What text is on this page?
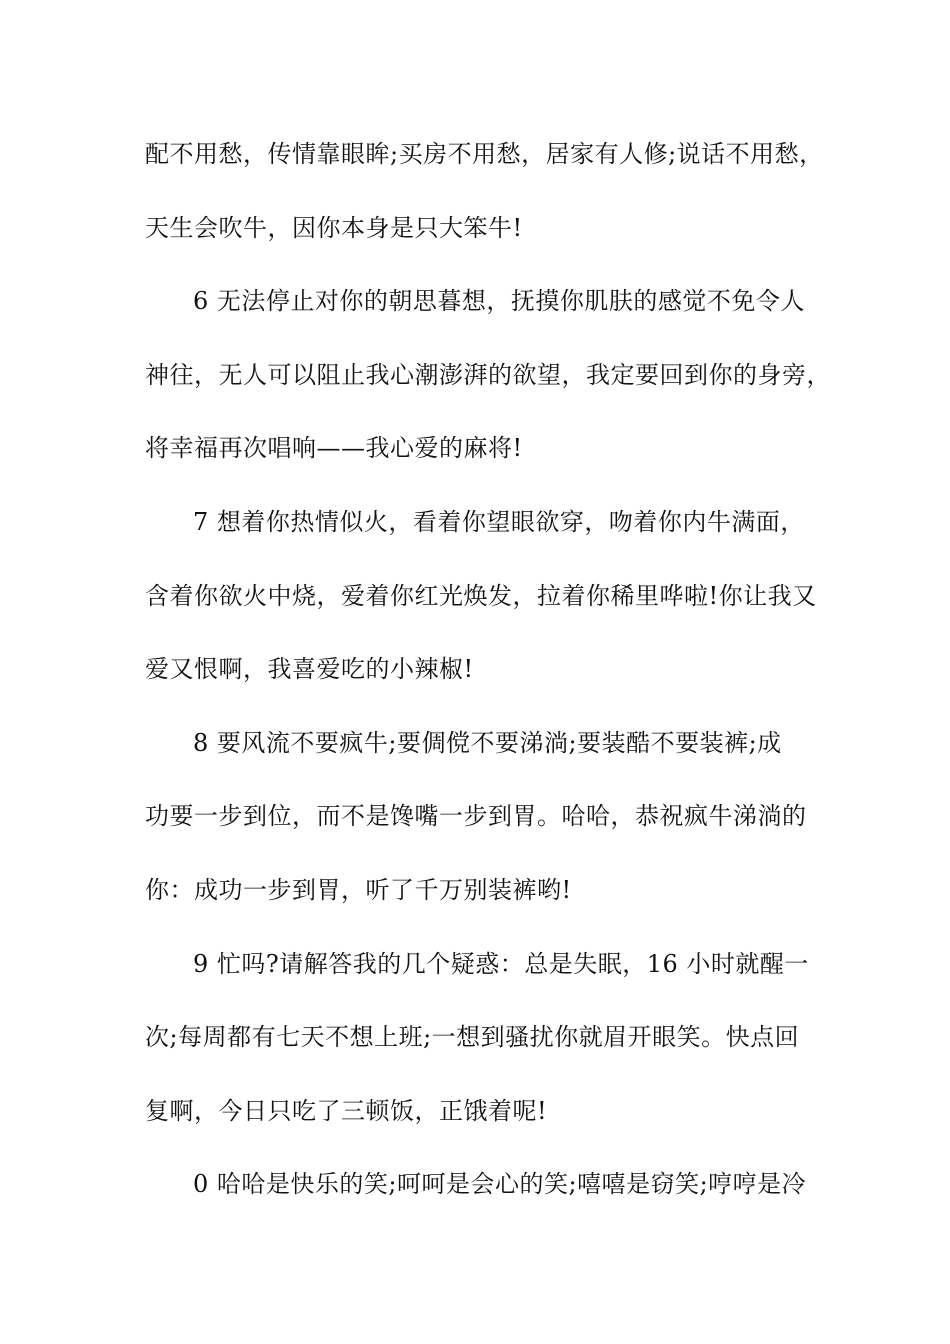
配不用愁，传情靠眼眸;买房不用愁，居家有人修;说话不用愁，
天生会吹牛，因你本身是只大笨牛!

6 无法停止对你的朝思暮想，抚摸你肌肤的感觉不免令人
神往，无人可以阻止我心潮澎湃的欲望，我定要回到你的身旁，
将幸福再次唱响——我心爱的麻将!

7 想着你热情似火，看着你望眼欲穿，吻着你内牛满面，
含着你欲火中烧，爱着你红光焕发，拉着你稀里哗啦!你让我又
爱又恨啊，我喜爱吃的小辣椒!

8 要风流不要疯牛;要倜傥不要涕淌;要装酷不要装裤;成
功要一步到位，而不是馋嘴一步到胃。哈哈，恭祝疯牛涕淌的
你：成功一步到胃，听了千万别装裤哟!

9 忙吗?请解答我的几个疑惑：总是失眠，16 小时就醒一
次;每周都有七天不想上班;一想到骚扰你就眉开眼笑。快点回
复啊，今日只吃了三顿饭，正饿着呢!

0 哈哈是快乐的笑;呵呵是会心的笑;嘻嘻是窃笑;哼哼是冷
